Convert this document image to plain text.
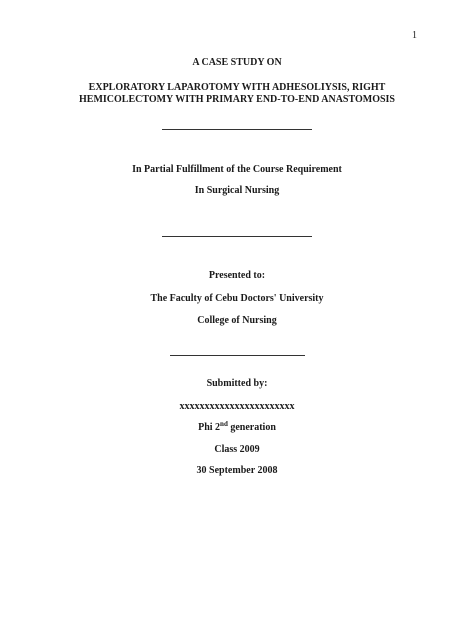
1
A CASE STUDY ON
EXPLORATORY LAPAROTOMY WITH ADHESOLIYSIS, RIGHT
HEMICOLECTOMY WITH PRIMARY END-TO-END ANASTOMOSIS
In Partial Fulfillment of the Course Requirement
In Surgical Nursing
Presented to:
The Faculty of Cebu Doctors' University
College of Nursing
Submitted by:
xxxxxxxxxxxxxxxxxxxxxxx
Phi 2nd generation
Class 2009
30 September 2008
